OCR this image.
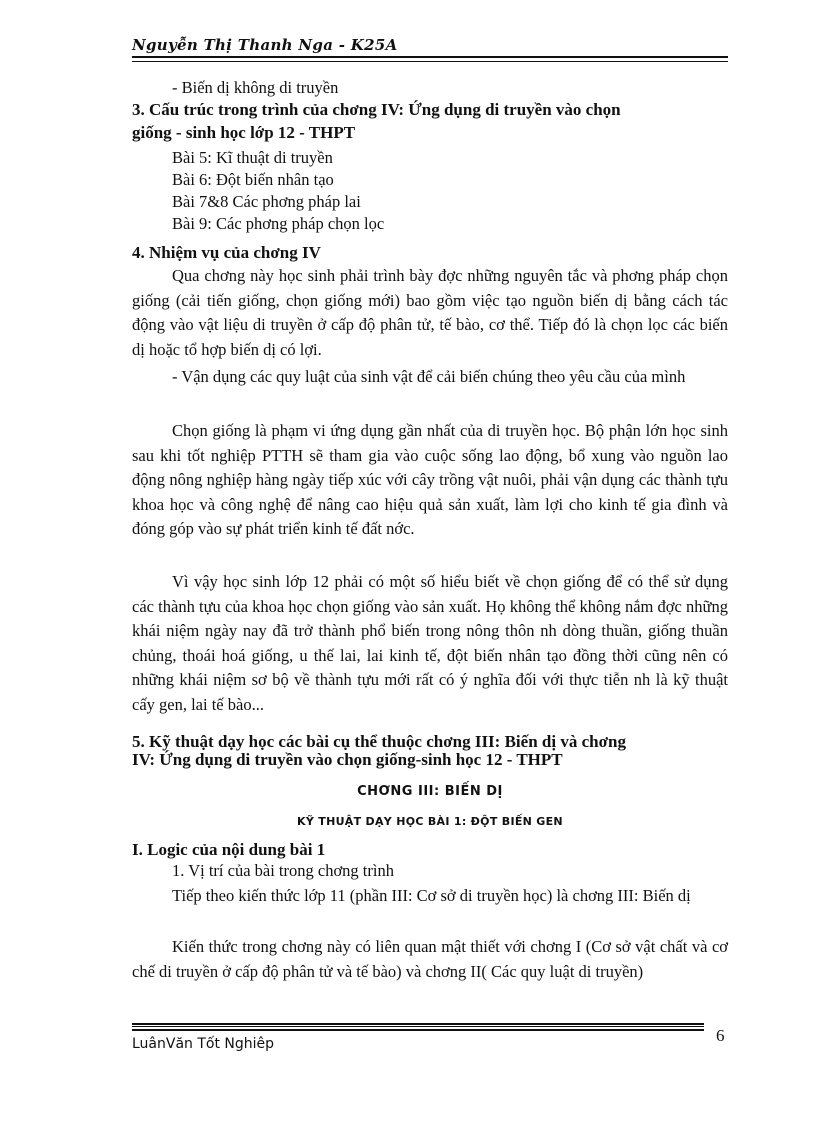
Nguyễn Thị Thanh Nga - K25A
- Biến dị không di truyền
3. Cấu trúc trong trình của chơng IV: Ứng dụng di truyền vào chọn
giống - sinh học lớp 12 - THPT
Bài 5: Kĩ thuật di truyền
Bài 6: Đột biến nhân tạo
Bài 7&8 Các phơng pháp lai
Bài 9: Các phơng pháp chọn lọc
4. Nhiệm vụ của chơng IV
Qua chơng này học sinh phải trình bày đợc những nguyên tắc và phơng pháp chọn giống (cải tiến giống, chọn giống mới) bao gồm việc tạo nguồn biến dị bằng cách tác động vào vật liệu di truyền ở cấp độ phân tử, tế bào, cơ thể. Tiếp đó là chọn lọc các biến dị hoặc tổ hợp biến dị có lợi.
- Vận dụng các quy luật của sinh vật để cải biến chúng theo yêu cầu của mình
Chọn giống là phạm vi ứng dụng gần nhất của di truyền học. Bộ phận lớn học sinh sau khi tốt nghiệp PTTH sẽ tham gia vào cuộc sống lao động, bổ xung vào nguồn lao động nông nghiệp hàng ngày tiếp xúc với cây trồng vật nuôi, phải vận dụng các thành tựu khoa học và công nghệ để nâng cao hiệu quả sản xuất, làm lợi cho kinh tế gia đình và đóng góp vào sự phát triển kinh tế đất nớc.
Vì vậy học sinh lớp 12 phải có một số hiểu biết về chọn giống để có thể sử dụng các thành tựu của khoa học chọn giống vào sản xuất. Họ không thể không nắm đợc những khái niệm ngày nay đã trở thành phổ biến trong nông thôn nh dòng thuần, giống thuần chủng, thoái hoá giống, u thế lai, lai kinh tế, đột biến nhân tạo đồng thời cũng nên có những khái niệm sơ bộ về thành tựu mới rất có ý nghĩa đối với thực tiễn nh là kỹ thuật cấy gen, lai tế bào...
5. Kỹ thuật dạy học các bài cụ thể thuộc chơng III: Biến dị và chơng
IV: Ứng dụng di truyền vào chọn giống-sinh học 12 - THPT
CHƠNG III: BIẾN DỊ
KỸ THUẬT DẠY HỌC BÀI 1: ĐỘT BIẾN GEN
I. Logic của nội dung bài 1
1. Vị trí của bài trong chơng trình
Tiếp theo kiến thức lớp 11 (phần III: Cơ sở di truyền học) là chơng III: Biến dị
Kiến thức trong chơng này có liên quan mật thiết với chơng I (Cơ sở vật chất và cơ chế di truyền ở cấp độ phân tử và tế bào) và chơng II( Các quy luật di truyền)
LuânVăn Tốt Nghiêp	6
